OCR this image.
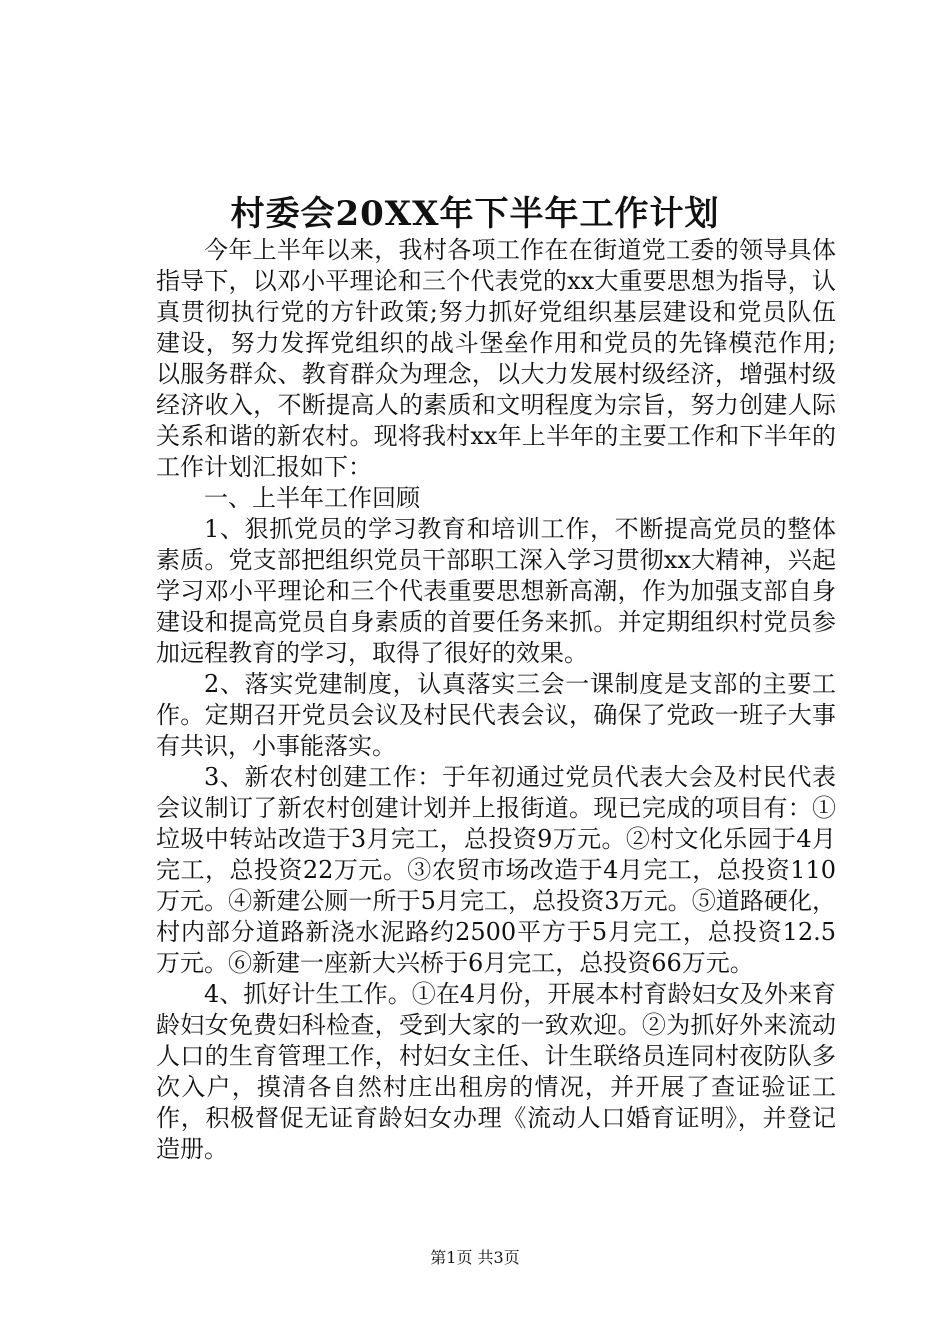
村委会20XX年下半年工作计划

今年上半年以来，我村各项工作在在街道党工委的领导具体指导下，以邓小平理论和三个代表党的xx大重要思想为指导，认真贯彻执行党的方针政策;努力抓好党组织基层建设和党员队伍建设，努力发挥党组织的战斗堡垒作用和党员的先锋模范作用;以服务群众、教育群众为理念，以大力发展村级经济，增强村级经济收入，不断提高人的素质和文明程度为宗旨，努力创建人际关系和谐的新农村。现将我村xx年上半年的主要工作和下半年的工作计划汇报如下：

一、上半年工作回顾

1、狠抓党员的学习教育和培训工作，不断提高党员的整体素质。党支部把组织党员干部职工深入学习贯彻xx大精神，兴起学习邓小平理论和三个代表重要思想新高潮，作为加强支部自身建设和提高党员自身素质的首要任务来抓。并定期组织村党员参加远程教育的学习，取得了很好的效果。

2、落实党建制度，认真落实三会一课制度是支部的主要工作。定期召开党员会议及村民代表会议，确保了党政一班子大事有共识，小事能落实。

3、新农村创建工作：于年初通过党员代表大会及村民代表会议制订了新农村创建计划并上报街道。现已完成的项目有：①垃圾中转站改造于3月完工，总投资9万元。②村文化乐园于4月完工，总投资22万元。③农贸市场改造于4月完工，总投资110万元。④新建公厕一所于5月完工，总投资3万元。⑤道路硬化，村内部分道路新浇水泥路约2500平方于5月完工，总投资12.5万元。⑥新建一座新大兴桥于6月完工，总投资66万元。

4、抓好计生工作。①在4月份，开展本村育龄妇女及外来育龄妇女免费妇科检查，受到大家的一致欢迎。②为抓好外来流动人口的生育管理工作，村妇女主任、计生联络员连同村夜防队多次入户，摸清各自然村庄出租房的情况，并开展了查证验证工作，积极督促无证育龄妇女办理《流动人口婚育证明》，并登记造册。

第1页 共3页
